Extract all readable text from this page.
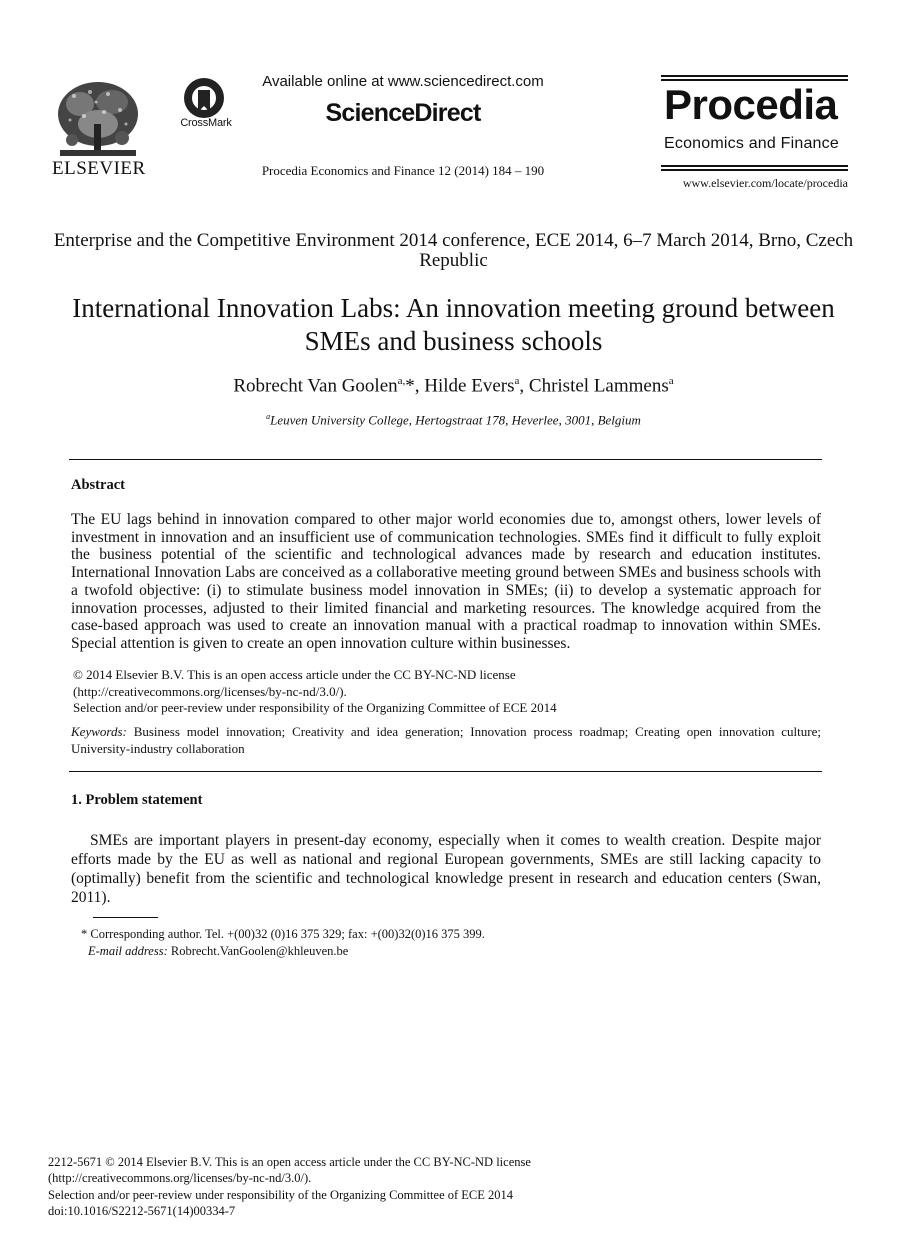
ELSEVIER
CrossMark
Available online at www.sciencedirect.com
ScienceDirect
Procedia Economics and Finance 12 (2014) 184 – 190
Procedia
Economics and Finance
www.elsevier.com/locate/procedia
Enterprise and the Competitive Environment 2014 conference, ECE 2014, 6–7 March 2014, Brno, Czech Republic
International Innovation Labs: An innovation meeting ground between SMEs and business schools
Robrecht Van Goolen$^{a,}$*, Hilde Evers$^a$, Christel Lammens$^a$
$^a$Leuven University College, Hertogstraat 178, Heverlee, 3001, Belgium
Abstract
The EU lags behind in innovation compared to other major world economies due to, amongst others, lower levels of investment in innovation and an insufficient use of communication technologies. SMEs find it difficult to fully exploit the business potential of the scientific and technological advances made by research and education institutes. International Innovation Labs are conceived as a collaborative meeting ground between SMEs and business schools with a twofold objective: (i) to stimulate business model innovation in SMEs; (ii) to develop a systematic approach for innovation processes, adjusted to their limited financial and marketing resources. The knowledge acquired from the case-based approach was used to create an innovation manual with a practical roadmap to innovation within SMEs. Special attention is given to create an open innovation culture within businesses.
© 2014 Elsevier B.V. This is an open access article under the CC BY-NC-ND license
(http://creativecommons.org/licenses/by-nc-nd/3.0/).
Selection and/or peer-review under responsibility of the Organizing Committee of ECE 2014
Keywords: Business model innovation; Creativity and idea generation; Innovation process roadmap; Creating open innovation culture; University-industry collaboration
1. Problem statement
SMEs are important players in present-day economy, especially when it comes to wealth creation. Despite major efforts made by the EU as well as national and regional European governments, SMEs are still lacking capacity to (optimally) benefit from the scientific and technological knowledge present in research and education centers (Swan, 2011).
* Corresponding author. Tel. +(00)32 (0)16 375 329; fax: +(00)32(0)16 375 399.
E-mail address: Robrecht.VanGoolen@khleuven.be
2212-5671 © 2014 Elsevier B.V. This is an open access article under the CC BY-NC-ND license
(http://creativecommons.org/licenses/by-nc-nd/3.0/).
Selection and/or peer-review under responsibility of the Organizing Committee of ECE 2014
doi:10.1016/S2212-5671(14)00334-7
